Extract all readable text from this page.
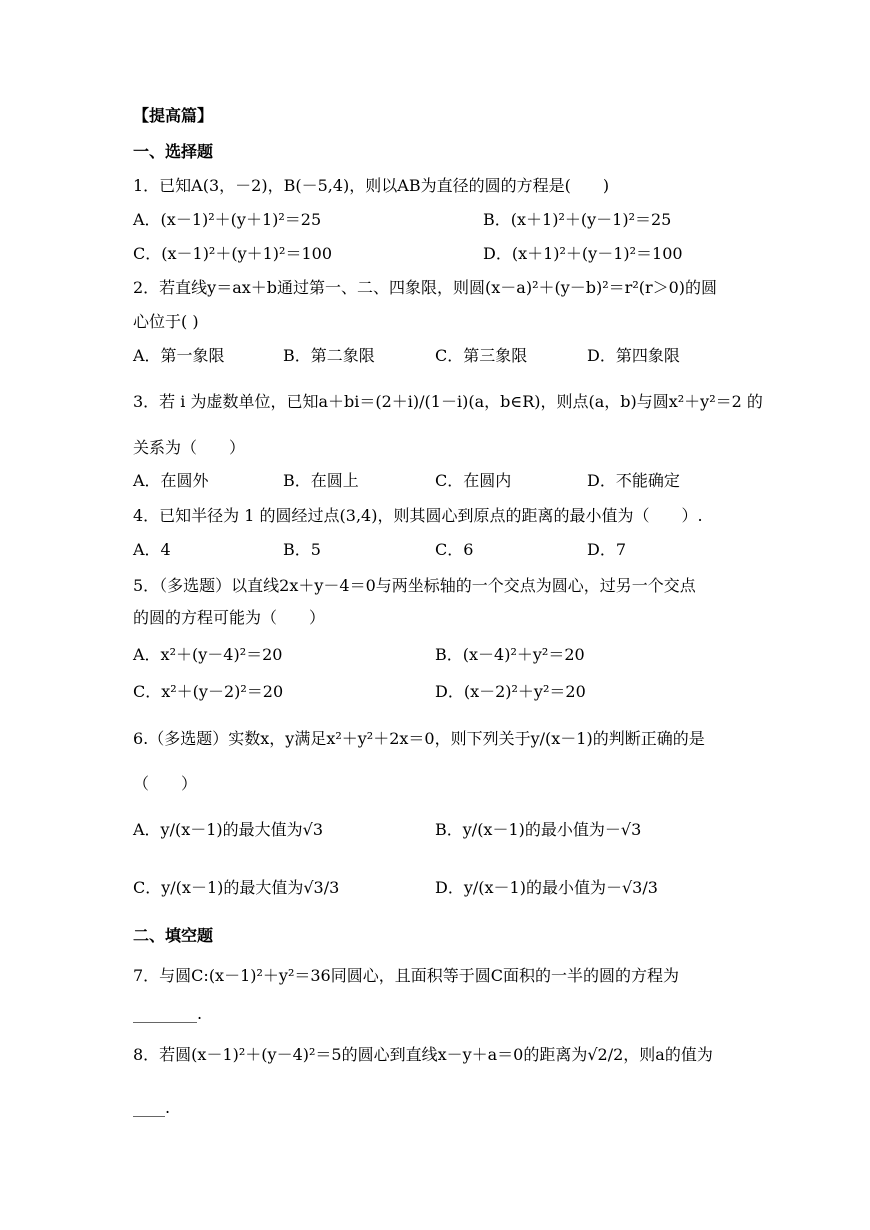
【提高篇】
一、选择题
1．已知A(3，－2)，B(－5,4)，则以AB为直径的圆的方程是(　　)
A．(x－1)²＋(y＋1)²＝25	B．(x＋1)²＋(y－1)²＝25
C．(x－1)²＋(y＋1)²＝100	D．(x＋1)²＋(y－1)²＝100
2．若直线y＝ax＋b通过第一、二、四象限，则圆(x－a)²＋(y－b)²＝r²(r＞0)的圆
心位于( )
A．第一象限	B．第二象限	C．第三象限	D．第四象限
3．若 i 为虚数单位，已知a＋bi＝(2＋i)/(1－i)(a，b∈R)，则点(a，b)与圆x²＋y²＝2 的
关系为（　　）
A．在圆外	B．在圆上	C．在圆内	D．不能确定
4．已知半径为 1 的圆经过点(3,4)，则其圆心到原点的距离的最小值为（　　）.
A．4	B．5	C．6	D．7
5．（多选题）以直线2x＋y－4＝0与两坐标轴的一个交点为圆心，过另一个交点
的圆的方程可能为（　　）
A．x²＋(y－4)²＝20	B．(x－4)²＋y²＝20
C．x²＋(y－2)²＝20	D．(x－2)²＋y²＝20
6.（多选题）实数x，y满足x²＋y²＋2x＝0，则下列关于y/(x－1)的判断正确的是
（　　）
A．y/(x－1)的最大值为√3	B．y/(x－1)的最小值为－√3
C．y/(x－1)的最大值为√3/3	D．y/(x－1)的最小值为－√3/3
二、填空题
7．与圆C:(x－1)²＋y²＝36同圆心，且面积等于圆C面积的一半的圆的方程为
________.
8．若圆(x－1)²＋(y－4)²＝5的圆心到直线x－y＋a＝0的距离为√2/2，则a的值为
____.
